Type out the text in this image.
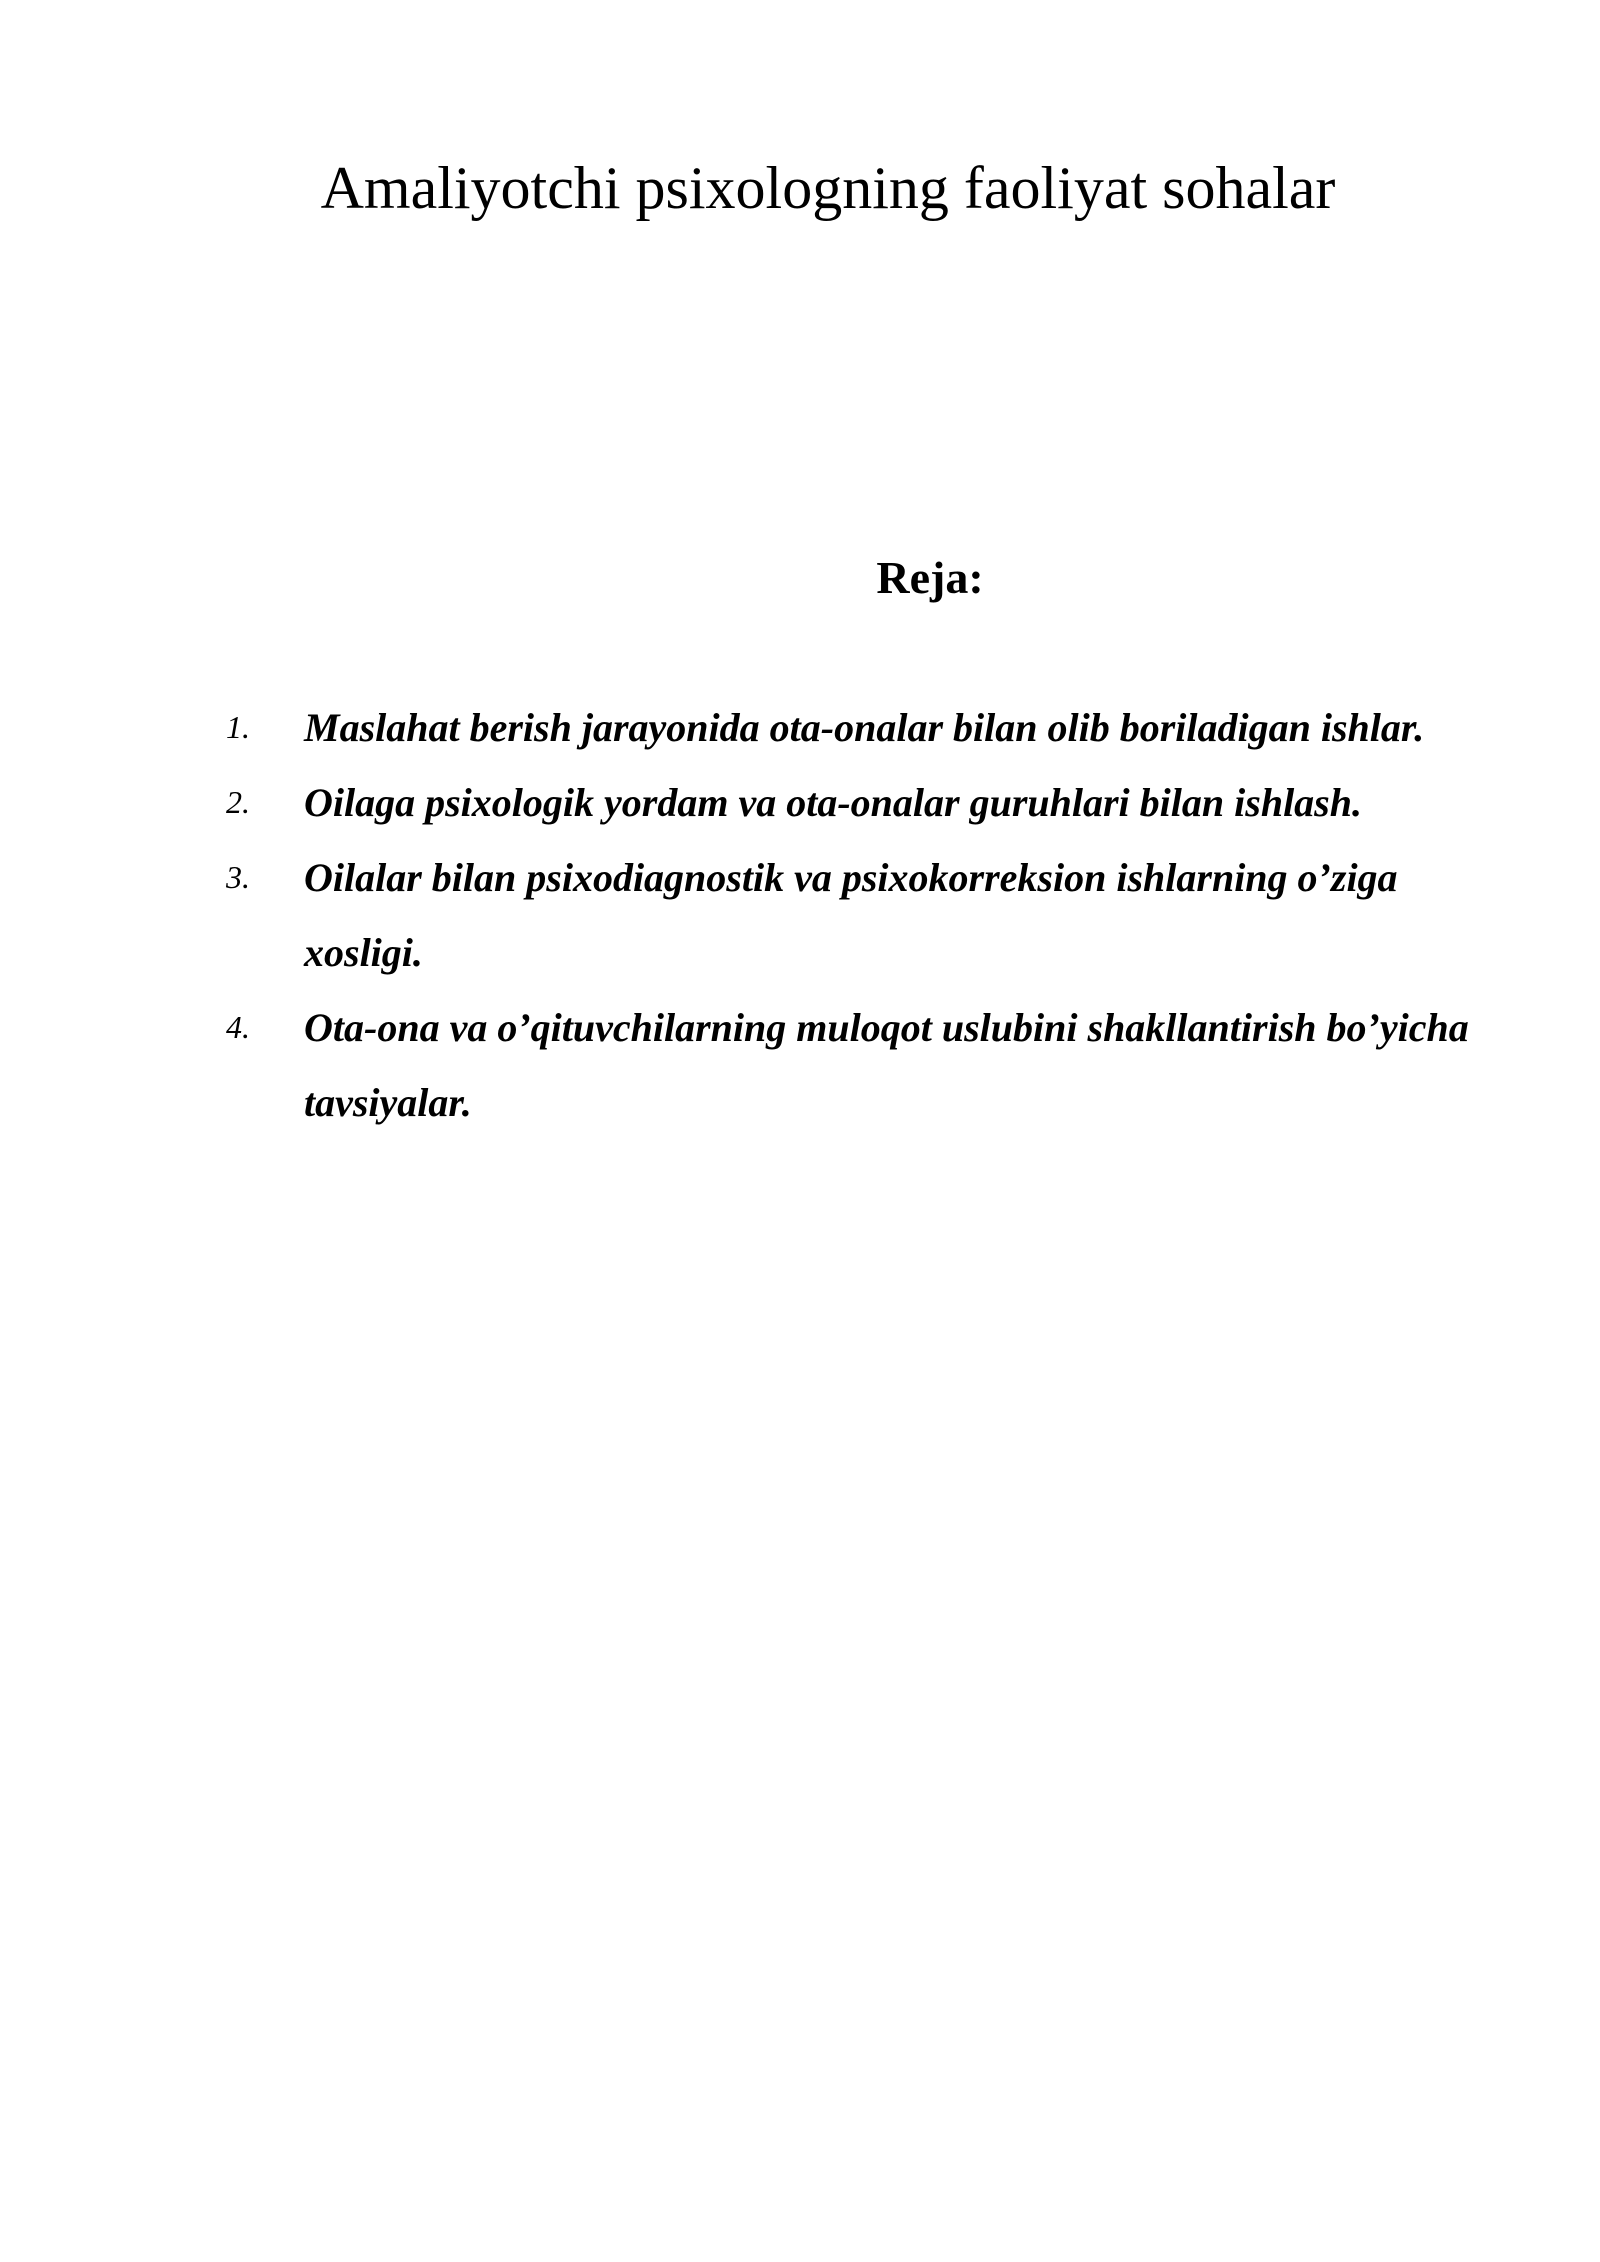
Amaliyotchi psixologning faoliyat sohalar
Reja:
1.	Maslahat berish jarayonida ota-onalar bilan olib boriladigan ishlar.
2.	Oilaga psixologik yordam va ota-onalar guruhlari bilan ishlash.
3.	Oilalar bilan psixodiagnostik va psixokorreksion ishlarning o’ziga xosligi.
4.	Ota-ona va o’qituvchilarning muloqot uslubini shakllantirish bo’yicha tavsiyalar.
